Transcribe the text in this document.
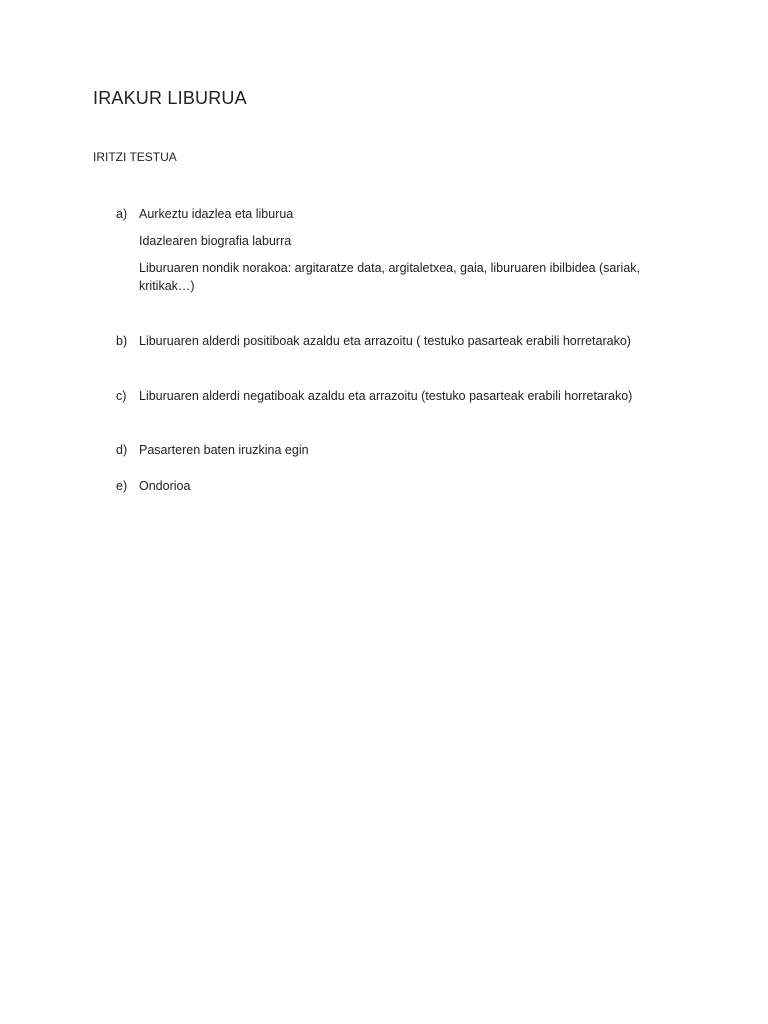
IRAKUR LIBURUA
IRITZI TESTUA
a) Aurkeztu idazlea eta liburua
Idazlearen biografia laburra
Liburuaren nondik norakoa: argitaratze data, argitaletxea, gaia, liburuaren ibilbidea (sariak, kritikak…)
b) Liburuaren alderdi positiboak azaldu eta arrazoitu ( testuko pasarteak erabili horretarako)
c)	Liburuaren alderdi negatiboak azaldu eta arrazoitu (testuko pasarteak erabili horretarako)
d) Pasarteren baten iruzkina egin
e) Ondorioa
